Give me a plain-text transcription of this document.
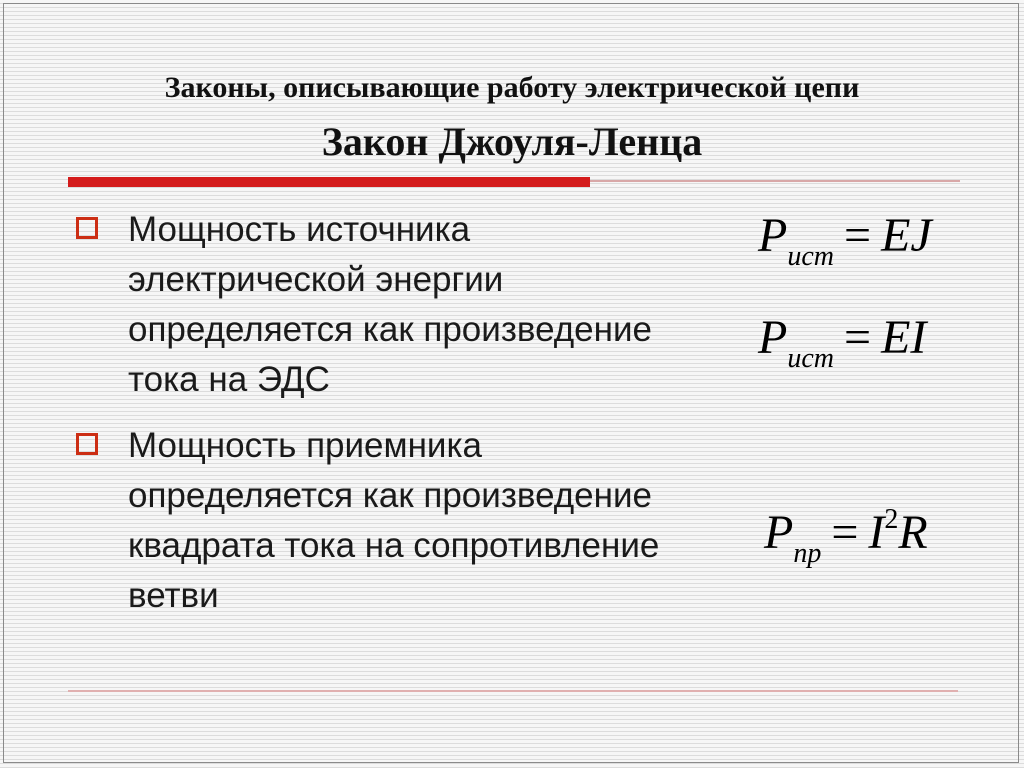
Законы, описывающие работу электрической цепи
Закон Джоуля-Ленца

Мощность источника
электрической энергии
определяется как произведение
тока на ЭДС

Мощность приемника
определяется как произведение
квадрата тока на сопротивление
ветви

$P_{ист}$ = EJ
$P_{ист}$ = EI
$P_{пр} = I^2R$
